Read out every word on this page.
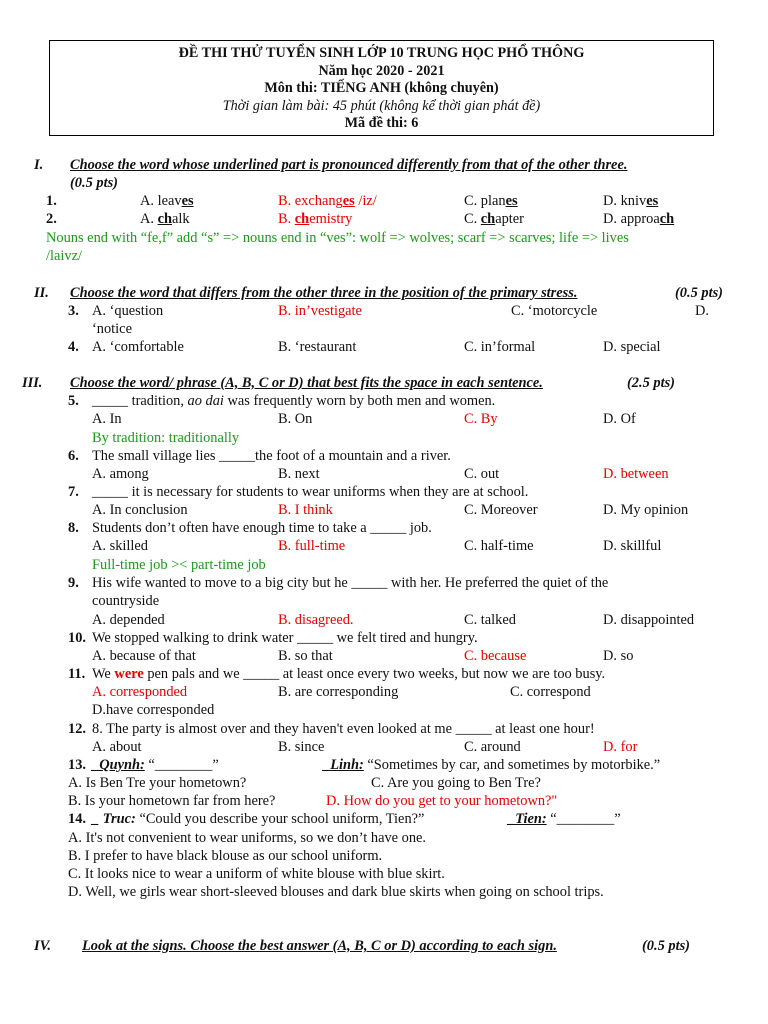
ĐỀ THI THỬ TUYỂN SINH LỚP 10 TRUNG HỌC PHỔ THÔNG
Năm học 2020 - 2021
Môn thi: TIẾNG ANH (không chuyên)
Thời gian làm bài: 45 phút (không kể thời gian phát đề)
Mã đề thi: 6
I. Choose the word whose underlined part is pronounced differently from that of the other three.
(0.5 pts)
1.	A. leaves	B. exchanges /iz/	C. planes	D. knives
2.	A. chalk	B. chemistry	C. chapter	D. approach
Nouns end with “fe,f” add “s” => nouns end in “ves”: wolf => wolves; scarf => scarves; life => lives
/laivz/
II. Choose the word that differs from the other three in the position of the primary stress.	(0.5 pts)
3. A. ‘question	B. in’vestigate	C. ‘motorcycle	D.
‘notice
4. A. ‘comfortable	B. ‘restaurant	C. in’formal	D. special
III. Choose the word/ phrase (A, B, C or D) that best fits the space in each sentence.	(2.5 pts)
5. _____ tradition, ao dai was frequently worn by both men and women.
A. In	B. On	C. By	D. Of
By tradition: traditionally
6. The small village lies _____the foot of a mountain and a river.
A. among	B. next	C. out	D. between
7. _____ it is necessary for students to wear uniforms when they are at school.
A. In conclusion	B. I think	C. Moreover	D. My opinion
8. Students don’t often have enough time to take a _____ job.
A. skilled	B. full-time	C. half-time	D. skillful
Full-time job >< part-time job
9. His wife wanted to move to a big city but he _____ with her. He preferred the quiet of the
countryside
A. depended	B. disagreed.	C. talked	D. disappointed
10. We stopped walking to drink water _____ we felt tired and hungry.
A. because of that	B. so that	C. because	D. so
11. We were pen pals and we _____ at least once every two weeks, but now we are too busy.
A. corresponded	B. are corresponding	C. correspond
D.have corresponded
12. 8. The party is almost over and they haven't even looked at me _____ at least one hour!
A. about	B. since	C. around	D. for
13. _Quynh: “________”	_Linh: “Sometimes by car, and sometimes by motorbike.”
A. Is Ben Tre your hometown?	C. Are you going to Ben Tre?
B. Is your hometown far from here?	D. How do you get to your hometown?"
14. _ Truc: “Could you describe your school uniform, Tien?”	_Tien: “________”
A. It's not convenient to wear uniforms, so we don’t have one.
B. I prefer to have black blouse as our school uniform.
C. It looks nice to wear a uniform of white blouse with blue skirt.
D. Well, we girls wear short-sleeved blouses and dark blue skirts when going on school trips.
IV. Look at the signs. Choose the best answer (A, B, C or D) according to each sign.	(0.5 pts)
